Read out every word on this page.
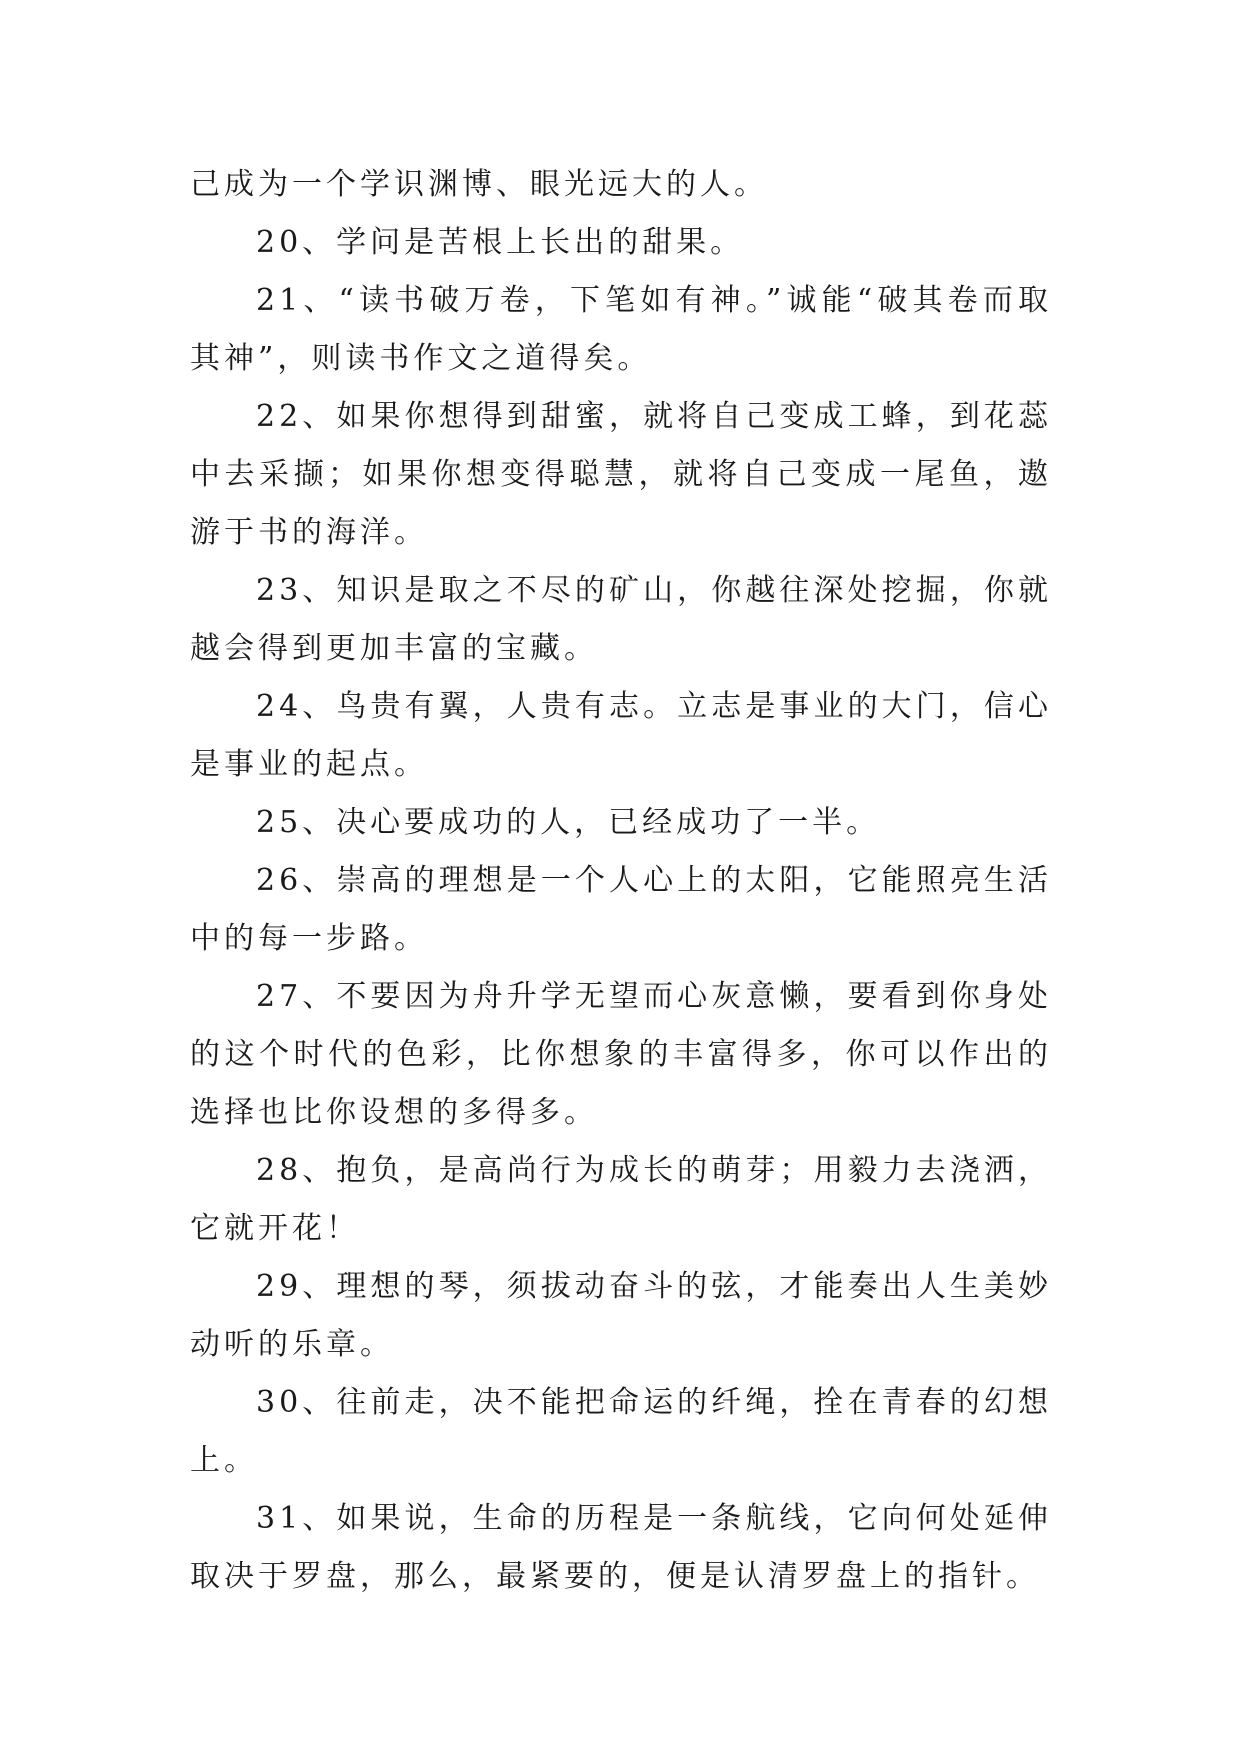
己成为一个学识渊博、眼光远大的人。

20、学问是苦根上长出的甜果。

21、“读书破万卷，下笔如有神。”诚能“破其卷而取其神”，则读书作文之道得矣。

22、如果你想得到甜蜜，就将自己变成工蜂，到花蕊中去采撷；如果你想变得聪慧，就将自己变成一尾鱼，遨游于书的海洋。

23、知识是取之不尽的矿山，你越往深处挖掘，你就越会得到更加丰富的宝藏。

24、鸟贵有翼，人贵有志。立志是事业的大门，信心是事业的起点。

25、决心要成功的人，已经成功了一半。

26、崇高的理想是一个人心上的太阳，它能照亮生活中的每一步路。

27、不要因为舟升学无望而心灰意懒，要看到你身处的这个时代的色彩，比你想象的丰富得多，你可以作出的选择也比你设想的多得多。

28、抱负，是高尚行为成长的萌芽；用毅力去浇洒，它就开花！

29、理想的琴，须拔动奋斗的弦，才能奏出人生美妙动听的乐章。

30、往前走，决不能把命运的纤绳，拴在青春的幻想上。

31、如果说，生命的历程是一条航线，它向何处延伸取决于罗盘，那么，最紧要的，便是认清罗盘上的指针。
